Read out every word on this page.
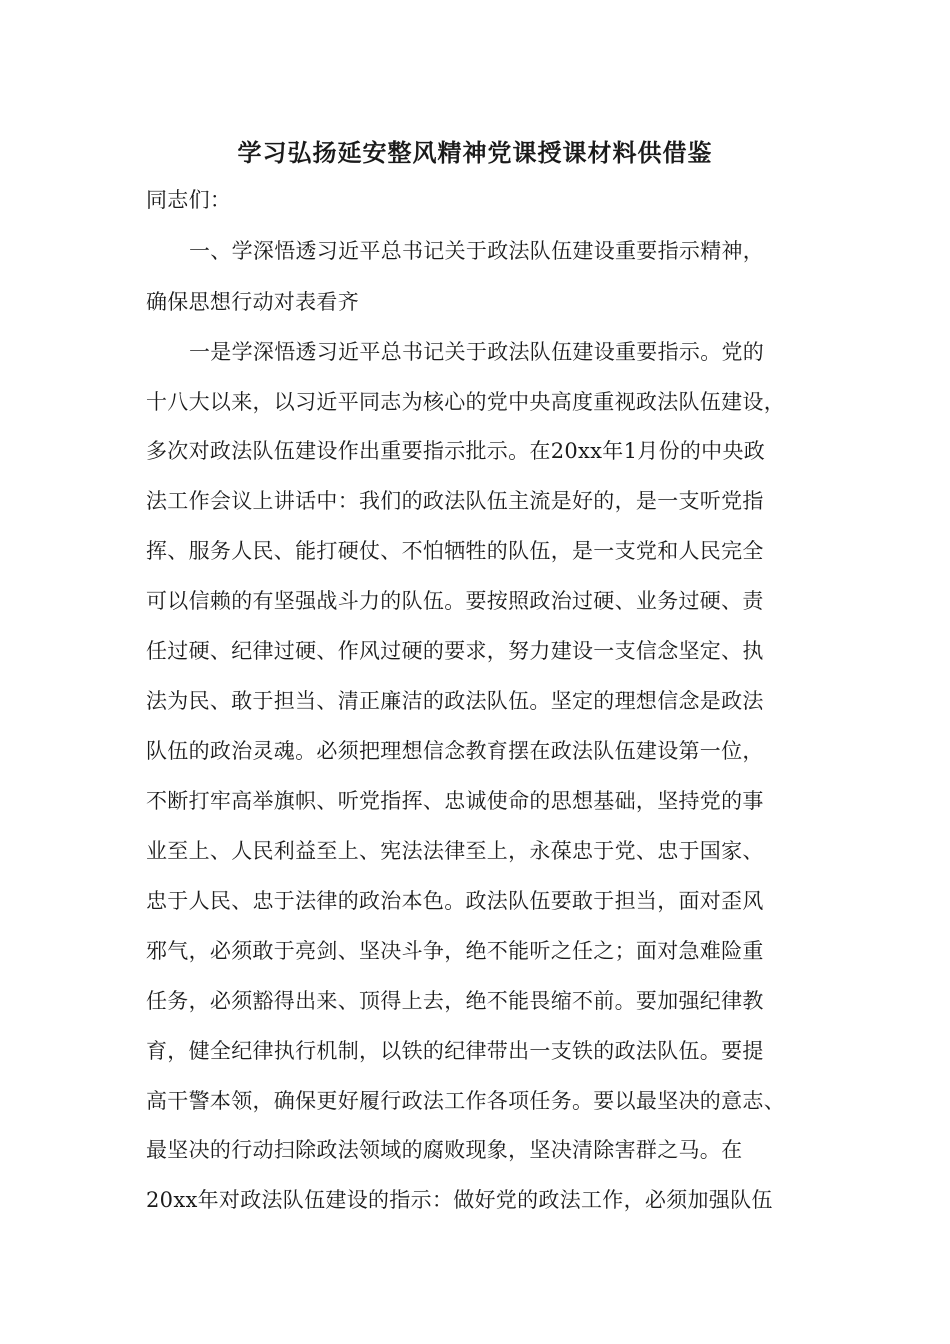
学习弘扬延安整风精神党课授课材料供借鉴
同志们：
一、学深悟透习近平总书记关于政法队伍建设重要指示精神，
确保思想行动对表看齐
一是学深悟透习近平总书记关于政法队伍建设重要指示。党的
十八大以来，以习近平同志为核心的党中央高度重视政法队伍建设，
多次对政法队伍建设作出重要指示批示。在20xx年1月份的中央政
法工作会议上讲话中：我们的政法队伍主流是好的，是一支听党指
挥、服务人民、能打硬仗、不怕牺牲的队伍，是一支党和人民完全
可以信赖的有坚强战斗力的队伍。要按照政治过硬、业务过硬、责
任过硬、纪律过硬、作风过硬的要求，努力建设一支信念坚定、执
法为民、敢于担当、清正廉洁的政法队伍。坚定的理想信念是政法
队伍的政治灵魂。必须把理想信念教育摆在政法队伍建设第一位，
不断打牢高举旗帜、听党指挥、忠诚使命的思想基础，坚持党的事
业至上、人民利益至上、宪法法律至上，永葆忠于党、忠于国家、
忠于人民、忠于法律的政治本色。政法队伍要敢于担当，面对歪风
邪气，必须敢于亮剑、坚决斗争，绝不能听之任之；面对急难险重
任务，必须豁得出来、顶得上去，绝不能畏缩不前。要加强纪律教
育，健全纪律执行机制，以铁的纪律带出一支铁的政法队伍。要提
高干警本领，确保更好履行政法工作各项任务。要以最坚决的意志、
最坚决的行动扫除政法领域的腐败现象，坚决清除害群之马。在
20xx年对政法队伍建设的指示：做好党的政法工作，必须加强队伍
